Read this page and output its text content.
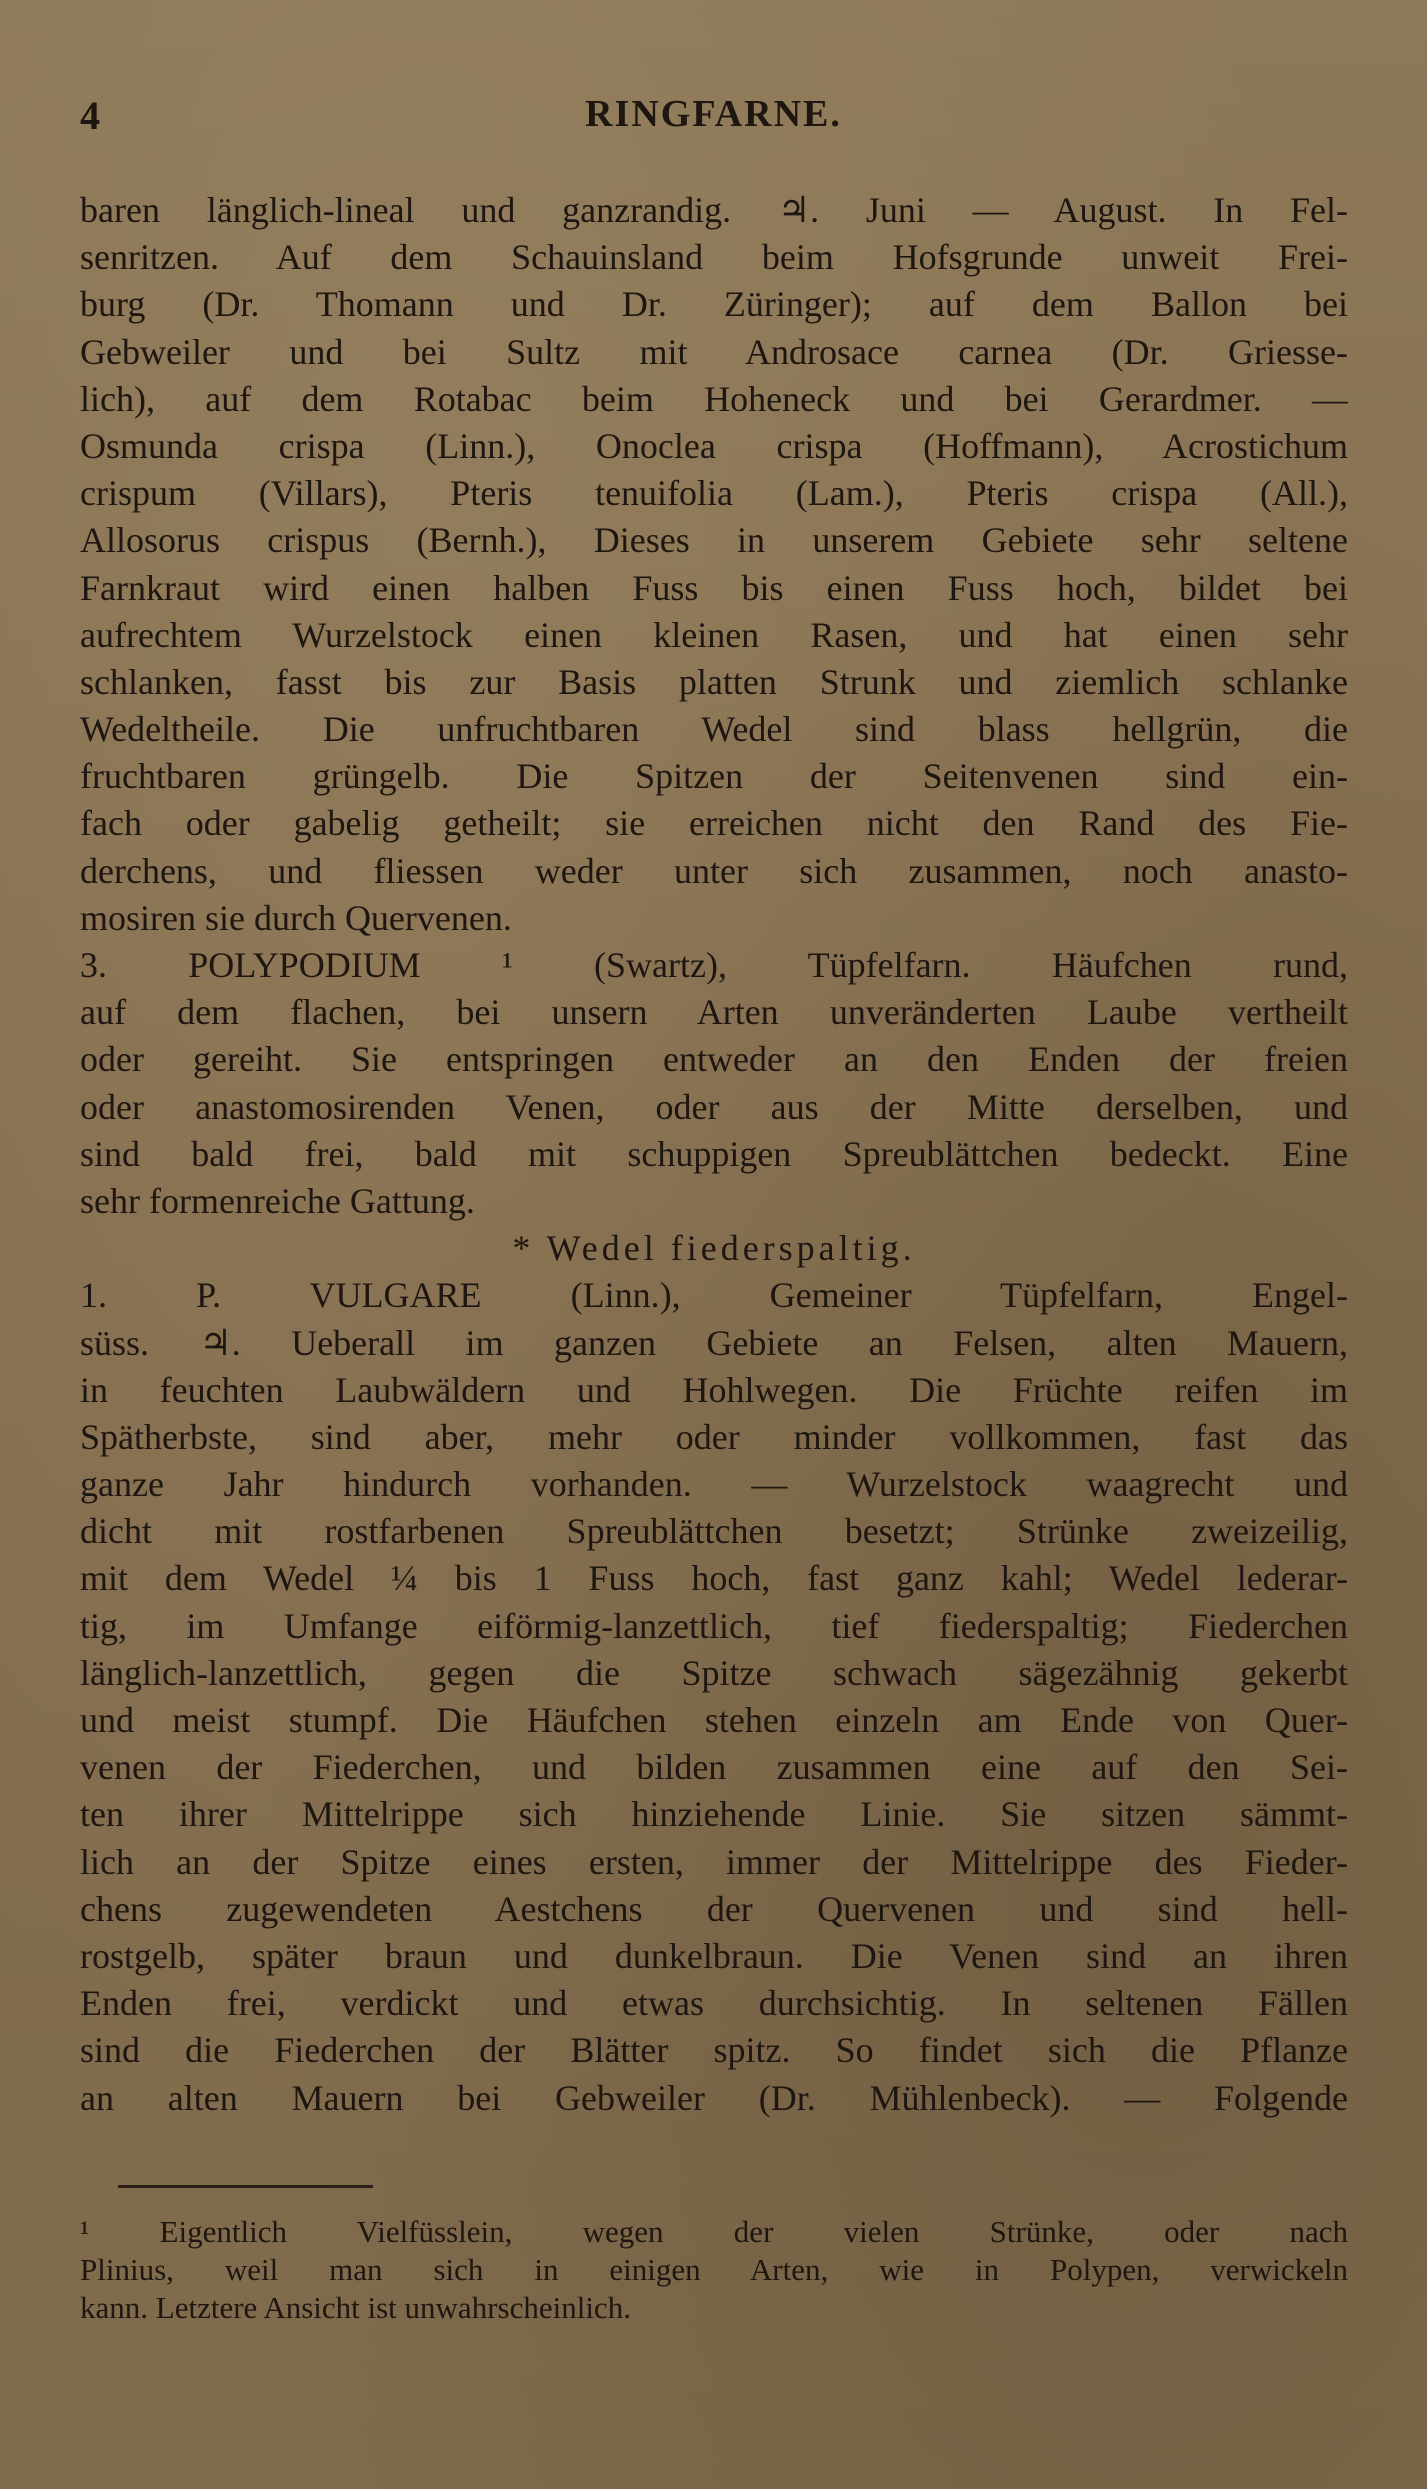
4	RINGFARNE.
baren länglich-lineal und ganzrandig. ♃. Juni — August. In Fel-
senritzen. Auf dem Schauinsland beim Hofsgrunde unweit Frei-
burg (Dr. Thomann und Dr. Züringer); auf dem Ballon bei
Gebweiler und bei Sultz mit Androsace carnea (Dr. Griesse-
lich), auf dem Rotabac beim Hoheneck und bei Gerardmer. —
Osmunda crispa (Linn.), Onoclea crispa (Hoffmann), Acrostichum
crispum (Villars), Pteris tenuifolia (Lam.), Pteris crispa (All.),
Allosorus crispus (Bernh.), Dieses in unserem Gebiete sehr seltene
Farnkraut wird einen halben Fuss bis einen Fuss hoch, bildet bei
aufrechtem Wurzelstock einen kleinen Rasen, und hat einen sehr
schlanken, fasst bis zur Basis platten Strunk und ziemlich schlanke
Wedeltheile. Die unfruchtbaren Wedel sind blass hellgrün, die
fruchtbaren grüngelb. Die Spitzen der Seitenvenen sind ein-
fach oder gabelig getheilt; sie erreichen nicht den Rand des Fie-
derchens, und fliessen weder unter sich zusammen, noch anasto-
mosiren sie durch Quervenen.
3. POLYPODIUM ¹ (Swartz), Tüpfelfarn. Häufchen rund,
auf dem flachen, bei unsern Arten unveränderten Laube vertheilt
oder gereiht. Sie entspringen entweder an den Enden der freien
oder anastomosirenden Venen, oder aus der Mitte derselben, und
sind bald frei, bald mit schuppigen Spreublättchen bedeckt. Eine
sehr formenreiche Gattung.
* Wedel fiederspaltig.
1. P. VULGARE (Linn.), Gemeiner Tüpfelfarn, Engel-
süss. ♃. Ueberall im ganzen Gebiete an Felsen, alten Mauern,
in feuchten Laubwäldern und Hohlwegen. Die Früchte reifen im
Spätherbste, sind aber, mehr oder minder vollkommen, fast das
ganze Jahr hindurch vorhanden. — Wurzelstock waagrecht und
dicht mit rostfarbenen Spreublättchen besetzt; Strünke zweizeilig,
mit dem Wedel ¼ bis 1 Fuss hoch, fast ganz kahl; Wedel lederar-
tig, im Umfange eiförmig-lanzettlich, tief fiederspaltig; Fiederchen
länglich-lanzettlich, gegen die Spitze schwach sägezähnig gekerbt
und meist stumpf. Die Häufchen stehen einzeln am Ende von Quer-
venen der Fiederchen, und bilden zusammen eine auf den Sei-
ten ihrer Mittelrippe sich hinziehende Linie. Sie sitzen sämmt-
lich an der Spitze eines ersten, immer der Mittelrippe des Fieder-
chens zugewendeten Aestchens der Quervenen und sind hell-
rostgelb, später braun und dunkelbraun. Die Venen sind an ihren
Enden frei, verdickt und etwas durchsichtig. In seltenen Fällen
sind die Fiederchen der Blätter spitz. So findet sich die Pflanze
an alten Mauern bei Gebweiler (Dr. Mühlenbeck). — Folgende
¹ Eigentlich Vielfüsslein, wegen der vielen Strünke, oder nach
Plinius, weil man sich in einigen Arten, wie in Polypen, verwickeln
kann. Letztere Ansicht ist unwahrscheinlich.
